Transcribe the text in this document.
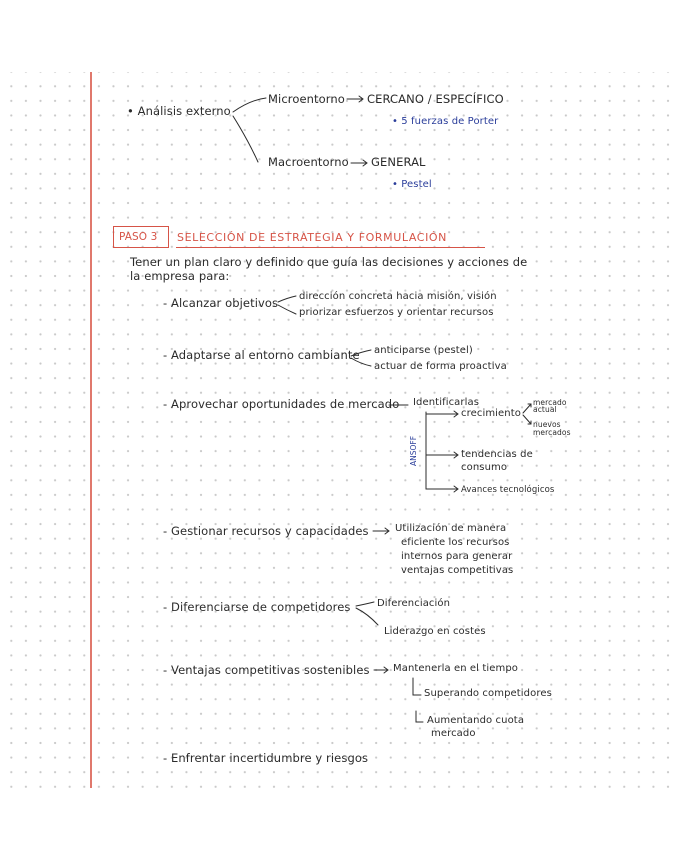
• Análisis externo
Microentorno CERCANO / ESPECÍFICO
• 5 fuerzas de Porter
Macroentorno GENERAL
• Pestel
PASO 3 SELECCIÓN DE ESTRATEGIA Y FORMULACIÓN
Tener un plan claro y definido que guía las decisiones y acciones de
la empresa para:
- Alcanzar objetivos dirección concreta hacia misión, visión
priorizar esfuerzos y orientar recursos
- Adaptarse al entorno cambiante anticiparse (pestel)
actuar de forma proactiva
- Aprovechar oportunidades de mercado Identificarlas
ANSOFF
crecimiento
mercado
actual
nuevos
mercados
tendencias de
consumo
Avances tecnológicos
- Gestionar recursos y capacidades	Utilización de manera
eficiente los recursos
internos para generar
ventajas competitivas
- Diferenciarse de competidores	Diferenciación
Liderazgo en costes
- Ventajas competitivas sostenibles Mantenerla en el tiempo
Superando competidores
Aumentando cuota
mercado
- Enfrentar incertidumbre y riesgos
